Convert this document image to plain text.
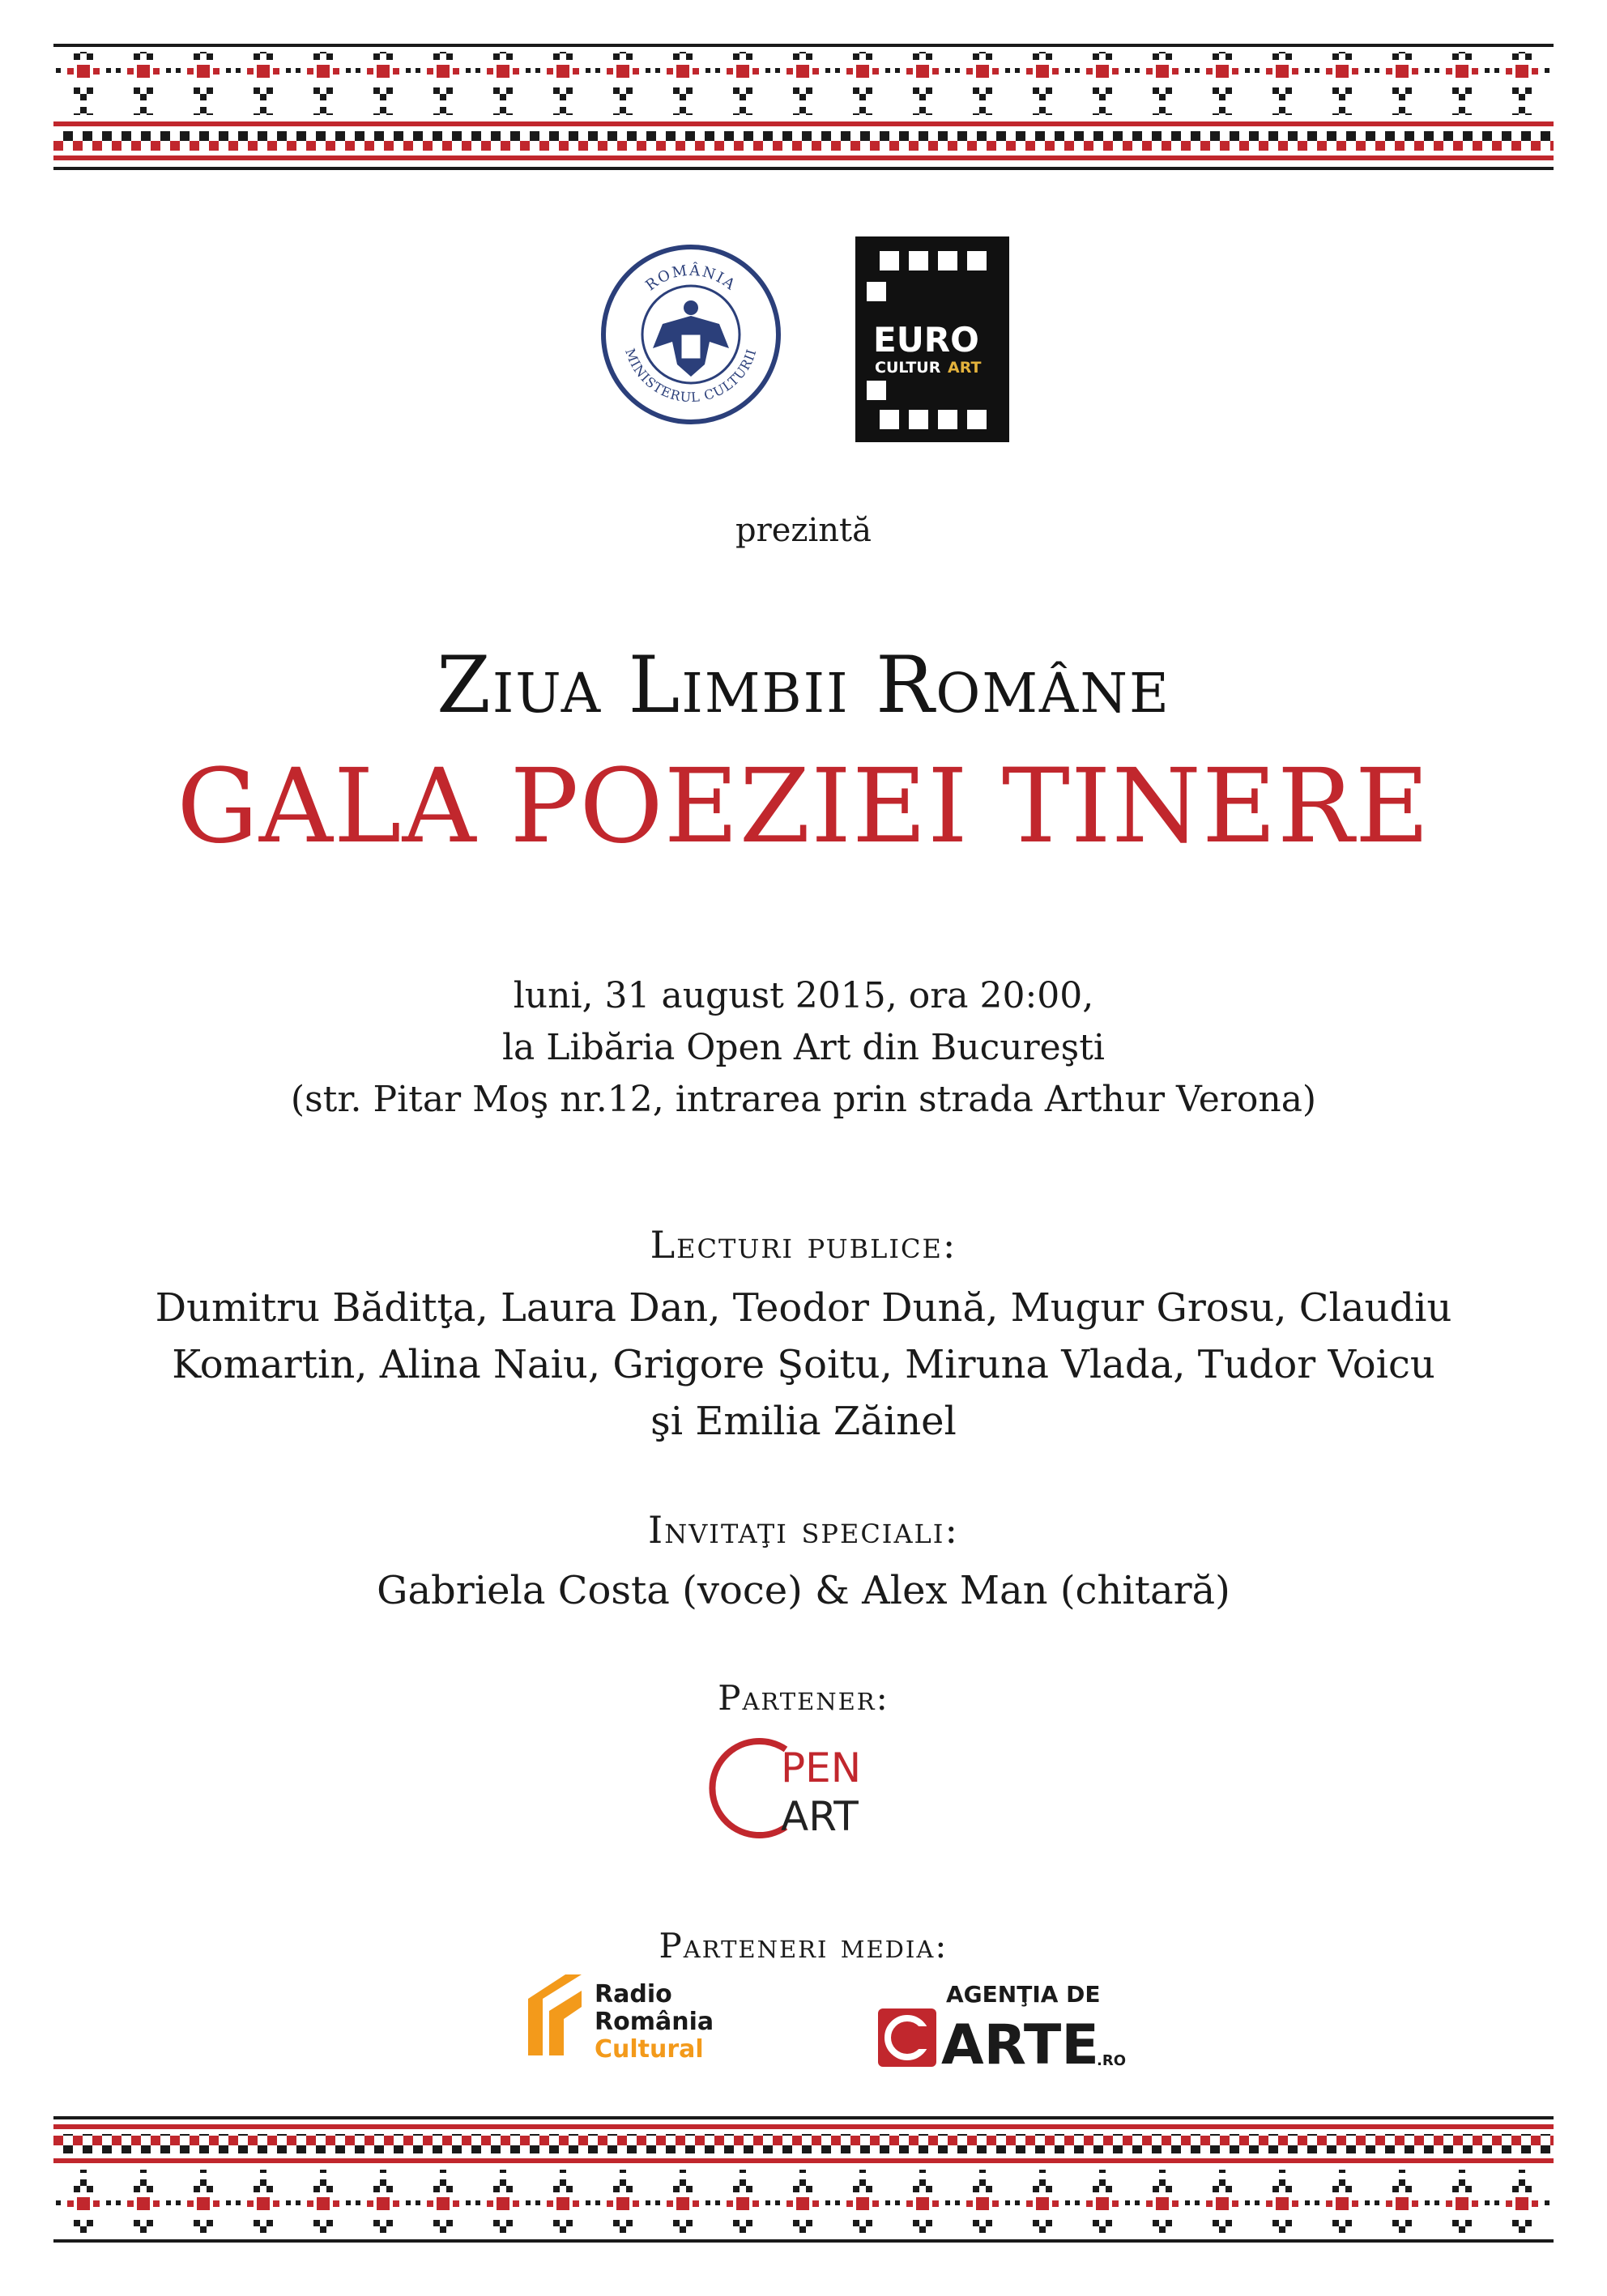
ROMÂNIA
MINISTERUL CULTURII	EURO
CULTUR ART
prezintă
Ziua Limbii Române
GALA POEZIEI TINERE
luni, 31 august 2015, ora 20:00,
la Libăria Open Art din Bucureşti
(str. Pitar Moş nr.12, intrarea prin strada Arthur Verona)
Lecturi publice:
Dumitru Băditţa, Laura Dan, Teodor Dună, Mugur Grosu, Claudiu
Komartin, Alina Naiu, Grigore Şoitu, Miruna Vlada, Tudor Voicu
şi Emilia Zăinel
Invitaţi speciali:
Gabriela Costa (voce) & Alex Man (chitară)
Partener:
PEN
ART
Parteneri media:
Radio
România
Cultural
AGENŢIA DE
ARTE
.RO
